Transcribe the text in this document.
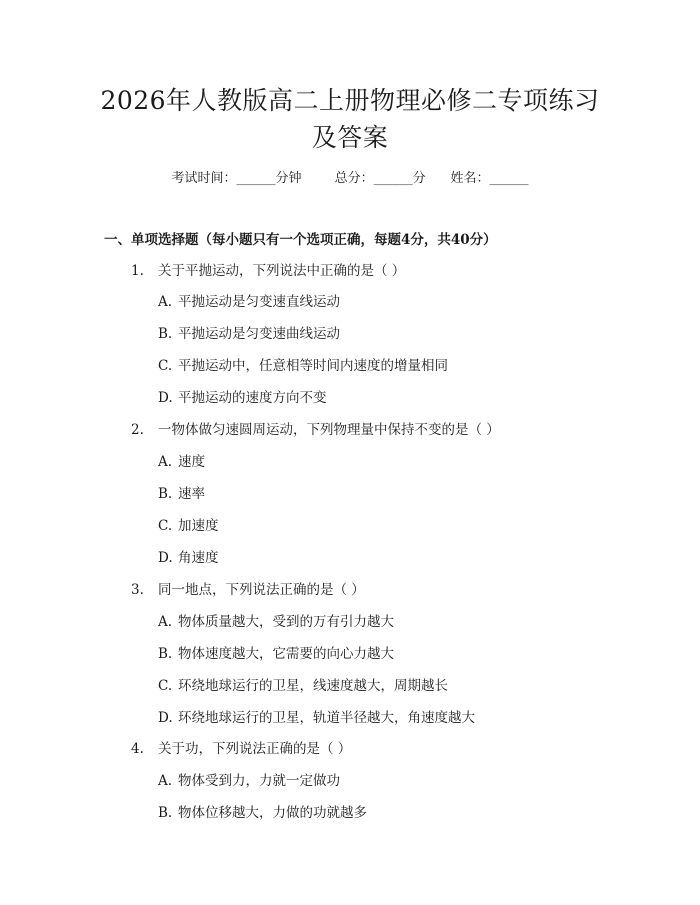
2026年人教版高二上册物理必修二专项练习
及答案
考试时间：______分钟	总分：______分 姓名：______
一、单项选择题（每小题只有一个选项正确，每题4分，共40分）
1. 关于平抛运动，下列说法中正确的是（ ）
A. 平抛运动是匀变速直线运动
B. 平抛运动是匀变速曲线运动
C. 平抛运动中，任意相等时间内速度的增量相同
D. 平抛运动的速度方向不变
2. 一物体做匀速圆周运动，下列物理量中保持不变的是（ ）
A. 速度
B. 速率
C. 加速度
D. 角速度
3. 同一地点，下列说法正确的是（ ）
A. 物体质量越大，受到的万有引力越大
B. 物体速度越大，它需要的向心力越大
C. 环绕地球运行的卫星，线速度越大，周期越长
D. 环绕地球运行的卫星，轨道半径越大，角速度越大
4. 关于功，下列说法正确的是（ ）
A. 物体受到力，力就一定做功
B. 物体位移越大，力做的功就越多
